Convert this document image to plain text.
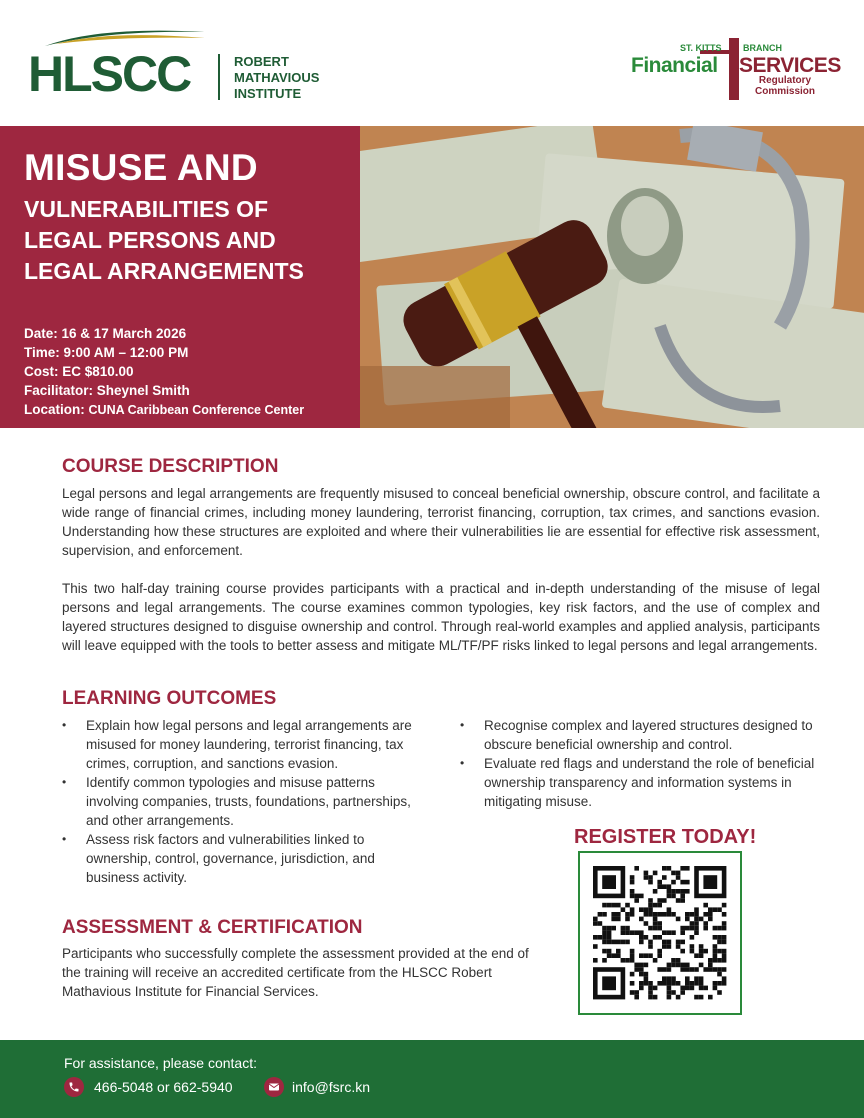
HLSCC	ROBERT
MATHAVIOUS
INSTITUTE
ST. KITTS BRANCH
Financial SERVICES
Regulatory
Commission
MISUSE AND
VULNERABILITIES OF
LEGAL PERSONS AND
LEGAL ARRANGEMENTS
Date: 16 & 17 March 2026
Time: 9:00 AM – 12:00 PM
Cost: EC $810.00
Facilitator: Sheynel Smith
Location: CUNA Caribbean Conference Center
COURSE DESCRIPTION

Legal persons and legal arrangements are frequently misused to conceal beneficial ownership, obscure control, and facilitate a wide range of financial crimes, including money laundering, terrorist financing, corruption, tax crimes, and sanctions evasion. Understanding how these structures are exploited and where their vulnerabilities lie are essential for effective risk assessment, supervision, and enforcement.

This two half-day training course provides participants with a practical and in-depth understanding of the misuse of legal persons and legal arrangements. The course examines common typologies, key risk factors, and the use of complex and layered structures designed to disguise ownership and control. Through real-world examples and applied analysis, participants will leave equipped with the tools to better assess and mitigate ML/TF/PF risks linked to legal persons and legal arrangements.

LEARNING OUTCOMES
• Explain how legal persons and legal arrangements are misused for money laundering, terrorist financing, tax crimes, corruption, and sanctions evasion.
• Identify common typologies and misuse patterns involving companies, trusts, foundations, partnerships, and other arrangements.
• Assess risk factors and vulnerabilities linked to ownership, control, governance, jurisdiction, and business activity.
• Recognise complex and layered structures designed to obscure beneficial ownership and control.
• Evaluate red flags and understand the role of beneficial ownership transparency and information systems in mitigating misuse.
REGISTER TODAY!
ASSESSMENT & CERTIFICATION
Participants who successfully complete the assessment provided at the end of the training will receive an accredited certificate from the HLSCC Robert Mathavious Institute for Financial Services.
For assistance, please contact:
466-5048 or 662-5940	info@fsrc.kn
